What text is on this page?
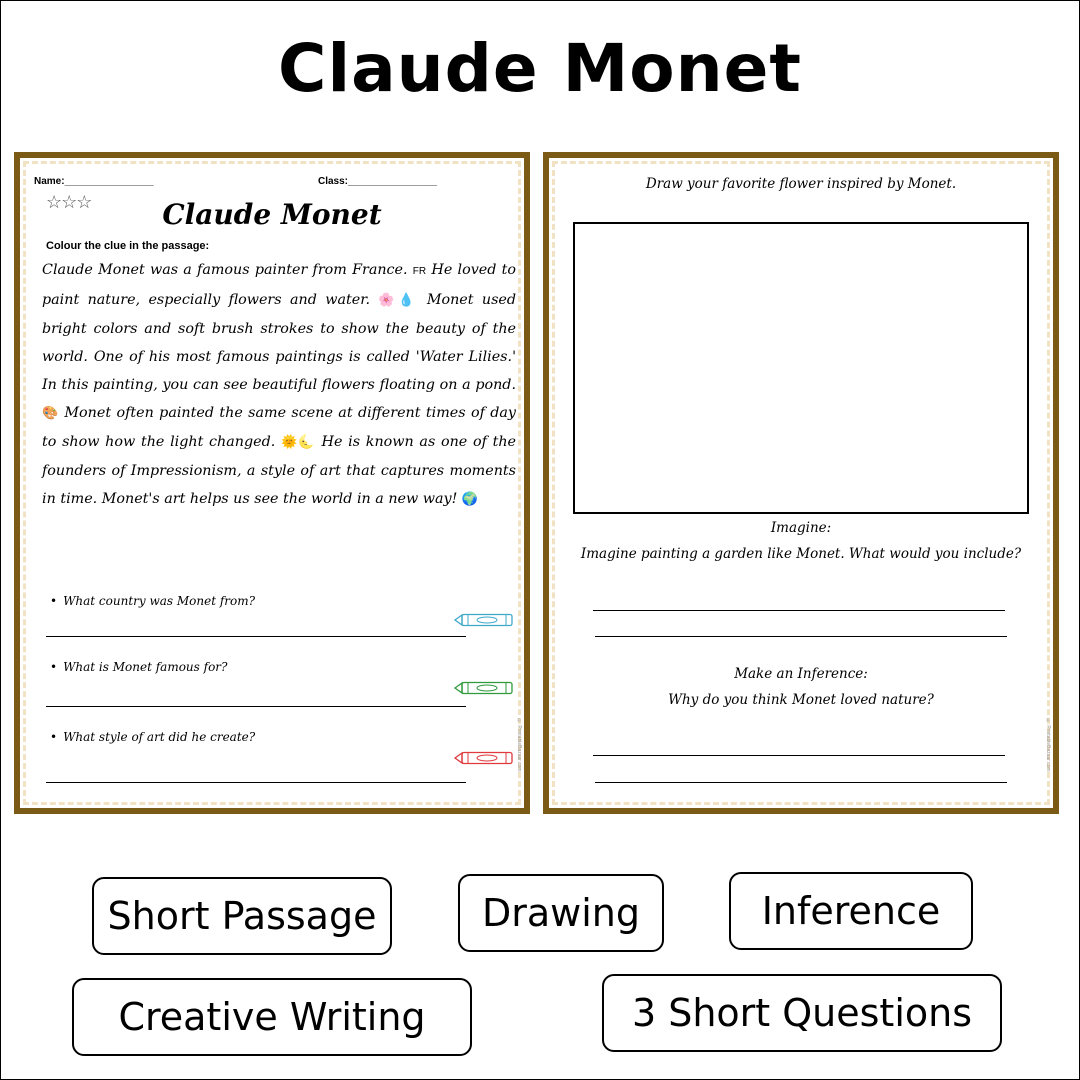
Claude Monet
Name:________________	Class:________________
☆☆☆	Claude Monet
Colour the clue in the passage:
Claude Monet was a famous painter from France. FR He loved to paint nature, especially flowers and water. 🌸💧 Monet used bright colors and soft brush strokes to show the beauty of the world. One of his most famous paintings is called 'Water Lilies.' In this painting, you can see beautiful flowers floating on a pond. 🎨 Monet often painted the same scene at different times of day to show how the light changed. 🌞🌜 He is known as one of the founders of Impressionism, a style of art that captures moments in time. Monet's art helps us see the world in a new way! 🌍
• What country was Monet from?
• What is Monet famous for?
• What style of art did he create?	© PrintableBazaar.com
Draw your favorite flower inspired by Monet.
Imagine:
Imagine painting a garden like Monet. What would you include?
Make an Inference:
Why do you think Monet loved nature?
© PrintableBazaar.com
Short Passage	Drawing	Inference
Creative Writing	3 Short Questions
